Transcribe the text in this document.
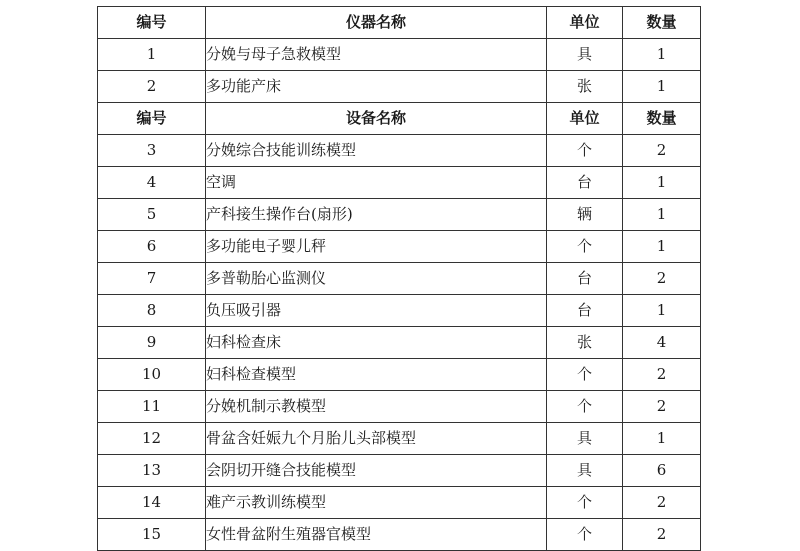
编号	仪器名称	单位	数量
1	分娩与母子急救模型	具	1
2	多功能产床	张	1
编号	设备名称	单位	数量
3	分娩综合技能训练模型	个	2
4	空调	台	1
5	产科接生操作台(扇形)	辆	1
6	多功能电子婴儿秤	个	1
7	多普勒胎心监测仪	台	2
8	负压吸引器	台	1
9	妇科检查床	张	4
10	妇科检查模型	个	2
11	分娩机制示教模型	个	2
12	骨盆含妊娠九个月胎儿头部模型	具	1
13	会阴切开缝合技能模型	具	6
14	难产示教训练模型	个	2
15	女性骨盆附生殖器官模型	个	2
